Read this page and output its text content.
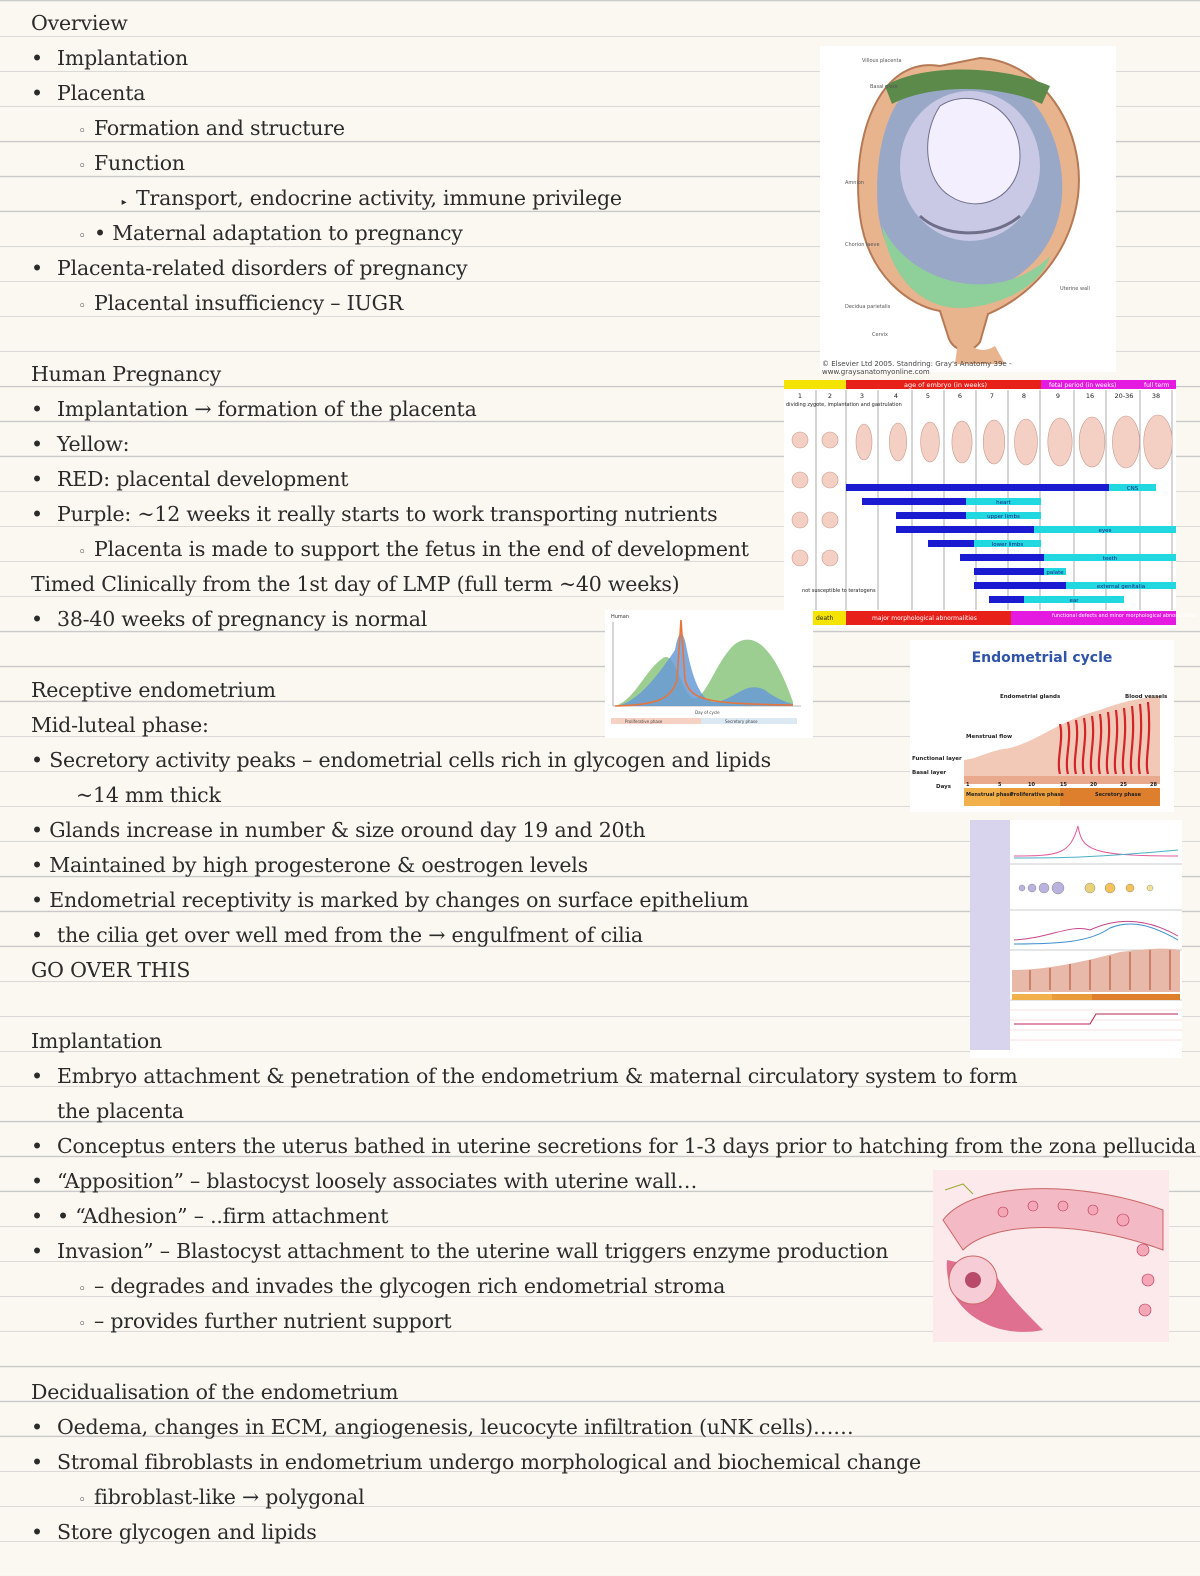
Overview
• Implantation
• Placenta
◦ Formation and structure
◦ Function
▸ Transport, endocrine activity, immune privilege
◦ • Maternal adaptation to pregnancy
• Placenta-related disorders of pregnancy
◦ Placental insufficiency – IUGR
Human Pregnancy
• Implantation → formation of the placenta
• Yellow:
• RED: placental development
• Purple: ~12 weeks it really starts to work transporting nutrients
◦ Placenta is made to support the fetus in the end of development
Timed Clinically from the 1st day of LMP (full term ~40 weeks)
• 38-40 weeks of pregnancy is normal
Receptive endometrium
Mid-luteal phase:
• Secretory activity peaks – endometrial cells rich in glycogen and lipids
~14 mm thick
• Glands increase in number & size oround day 19 and 20th
• Maintained by high progesterone & oestrogen levels
• Endometrial receptivity is marked by changes on surface epithelium
• the cilia get over well med from the → engulfment of cilia
GO OVER THIS
Implantation
• Embryo attachment & penetration of the endometrium & maternal circulatory system to form
the placenta
• Conceptus enters the uterus bathed in uterine secretions for 1-3 days prior to hatching from the zona pellucida
• “Apposition” – blastocyst loosely associates with uterine wall…
• • “Adhesion” – ..firm attachment
• Invasion” – Blastocyst attachment to the uterine wall triggers enzyme production
◦ – degrades and invades the glycogen rich endometrial stroma
◦ – provides further nutrient support
Decidualisation of the endometrium
• Oedema, changes in ECM, angiogenesis, leucocyte infiltration (uNK cells)……
• Stromal fibroblasts in endometrium undergo morphological and biochemical change
◦ fibroblast-like → polygonal
• Store glycogen and lipids
Villous placenta
Basal plate
Amnion
Chorion laeve
Decidua parietalis
Cervix
Uterine wall
© Elsevier Ltd 2005. Standring: Gray's Anatomy 39e - www.graysanatomyonline.com
age of embryo (in weeks)	fetal period (in weeks)	full term
1	2	3	4	5	6	7	8	9	16	20-36	38
dividing zygote, implantation and gastrulation
not susceptible to teratogens
CNS
heart
upper limbs
eyes
lower limbs
teeth
palate
external genitalia
ear
death	major morphological abnormalities	functional defects and minor morphological abnormalities
Human
Day of cycle
Proliferative phase	Secretory phase
Endometrial cycle
Endometrial glands	Blood vessels
Menstrual flow
Functional layer
Basal layer
Days
Menstrual phase
Proliferative phase	Secretory phase
1	5	10	15	20	25	28
